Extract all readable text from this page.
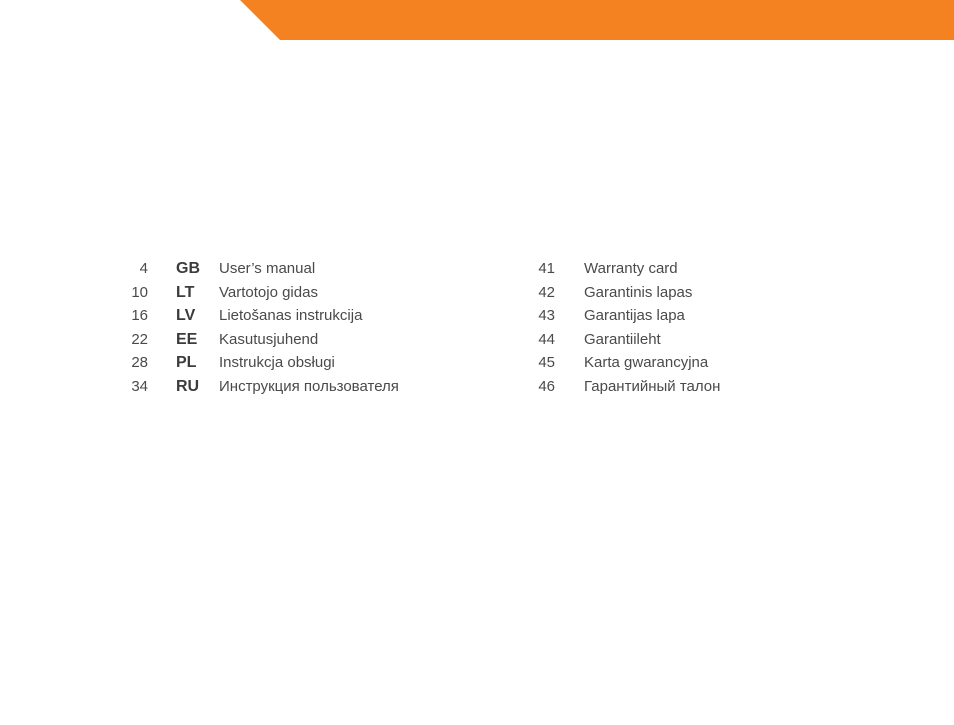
4 GB User’s manual
10 LT Vartotojo gidas
16 LV Lietošanas instrukcija
22 EE Kasutusjuhend
28 PL Instrukcja obsługi
34 RU Инструкция пользователя
41 Warranty card
42 Garantinis lapas
43 Garantijas lapa
44 Garantiileht
45 Karta gwarancyjna
46 Гарантийный талон
